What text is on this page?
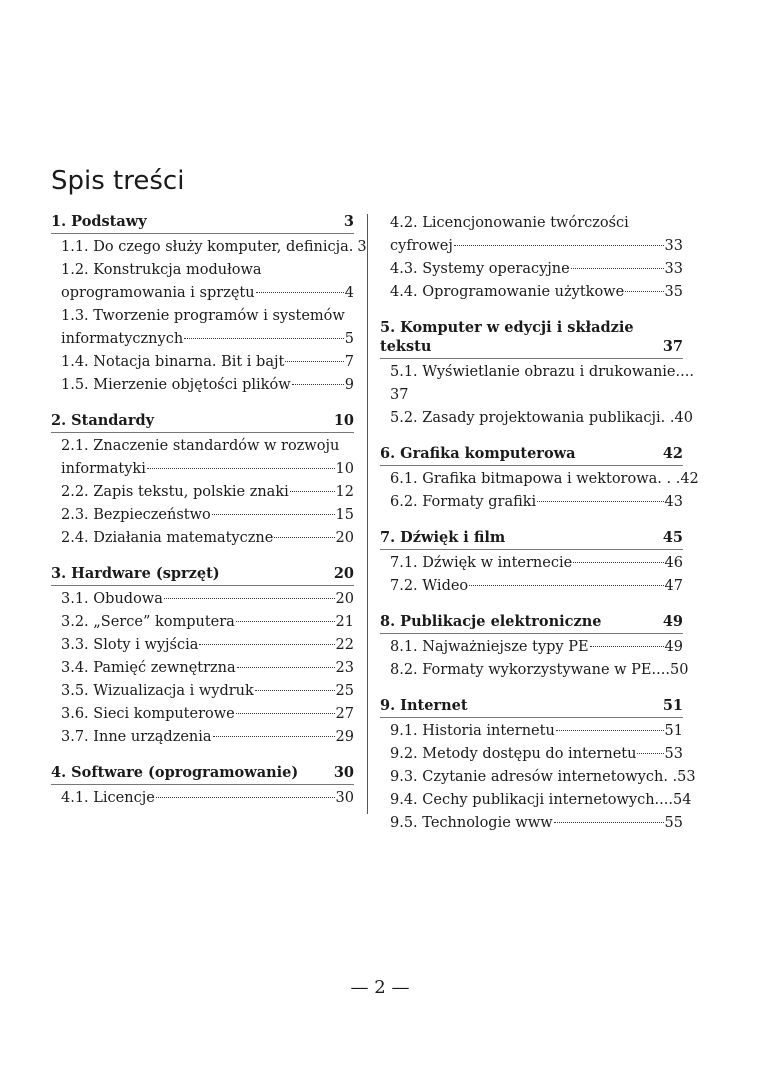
Spis treści
1. Podstawy	3
1.1. Do czego służy komputer, definicja. 3
1.2. Konstrukcja modułowa
oprogramowania i sprzętu	4
1.3. Tworzenie programów i systemów
informatycznych	5
1.4. Notacja binarna. Bit i bajt	7
1.5. Mierzenie objętości plików	9
2. Standardy	10
2.1. Znaczenie standardów w rozwoju
informatyki	10
2.2. Zapis tekstu, polskie znaki	12
2.3. Bezpieczeństwo	15
2.4. Działania matematyczne	20
3. Hardware (sprzęt)	20
3.1. Obudowa	20
3.2. „Serce” komputera	21
3.3. Sloty i wyjścia	22
3.4. Pamięć zewnętrzna	23
3.5. Wizualizacja i wydruk	25
3.6. Sieci komputerowe	27
3.7. Inne urządzenia	29
4. Software (oprogramowanie)	30
4.1. Licencje	30
4.2. Licencjonowanie twórczości
cyfrowej	33
4.3. Systemy operacyjne	33
4.4. Oprogramowanie użytkowe	35
5. Komputer w edycji i składzie
tekstu	37
5.1. Wyświetlanie obrazu i drukowanie....
37
5.2. Zasady projektowania publikacji. . 40
6. Grafika komputerowa	42
6.1. Grafika bitmapowa i wektorowa. . . 42
6.2. Formaty grafiki	43
7. Dźwięk i film	45
7.1. Dźwięk w internecie	46
7.2. Wideo	47
8. Publikacje elektroniczne	49
8.1. Najważniejsze typy PE	49
8.2. Formaty wykorzystywane w PE.... 50
9. Internet	51
9.1. Historia internetu	51
9.2. Metody dostępu do internetu 53
9.3. Czytanie adresów internetowych. . 53
9.4. Cechy publikacji internetowych.... 54
9.5. Technologie www	55
— 2 —
